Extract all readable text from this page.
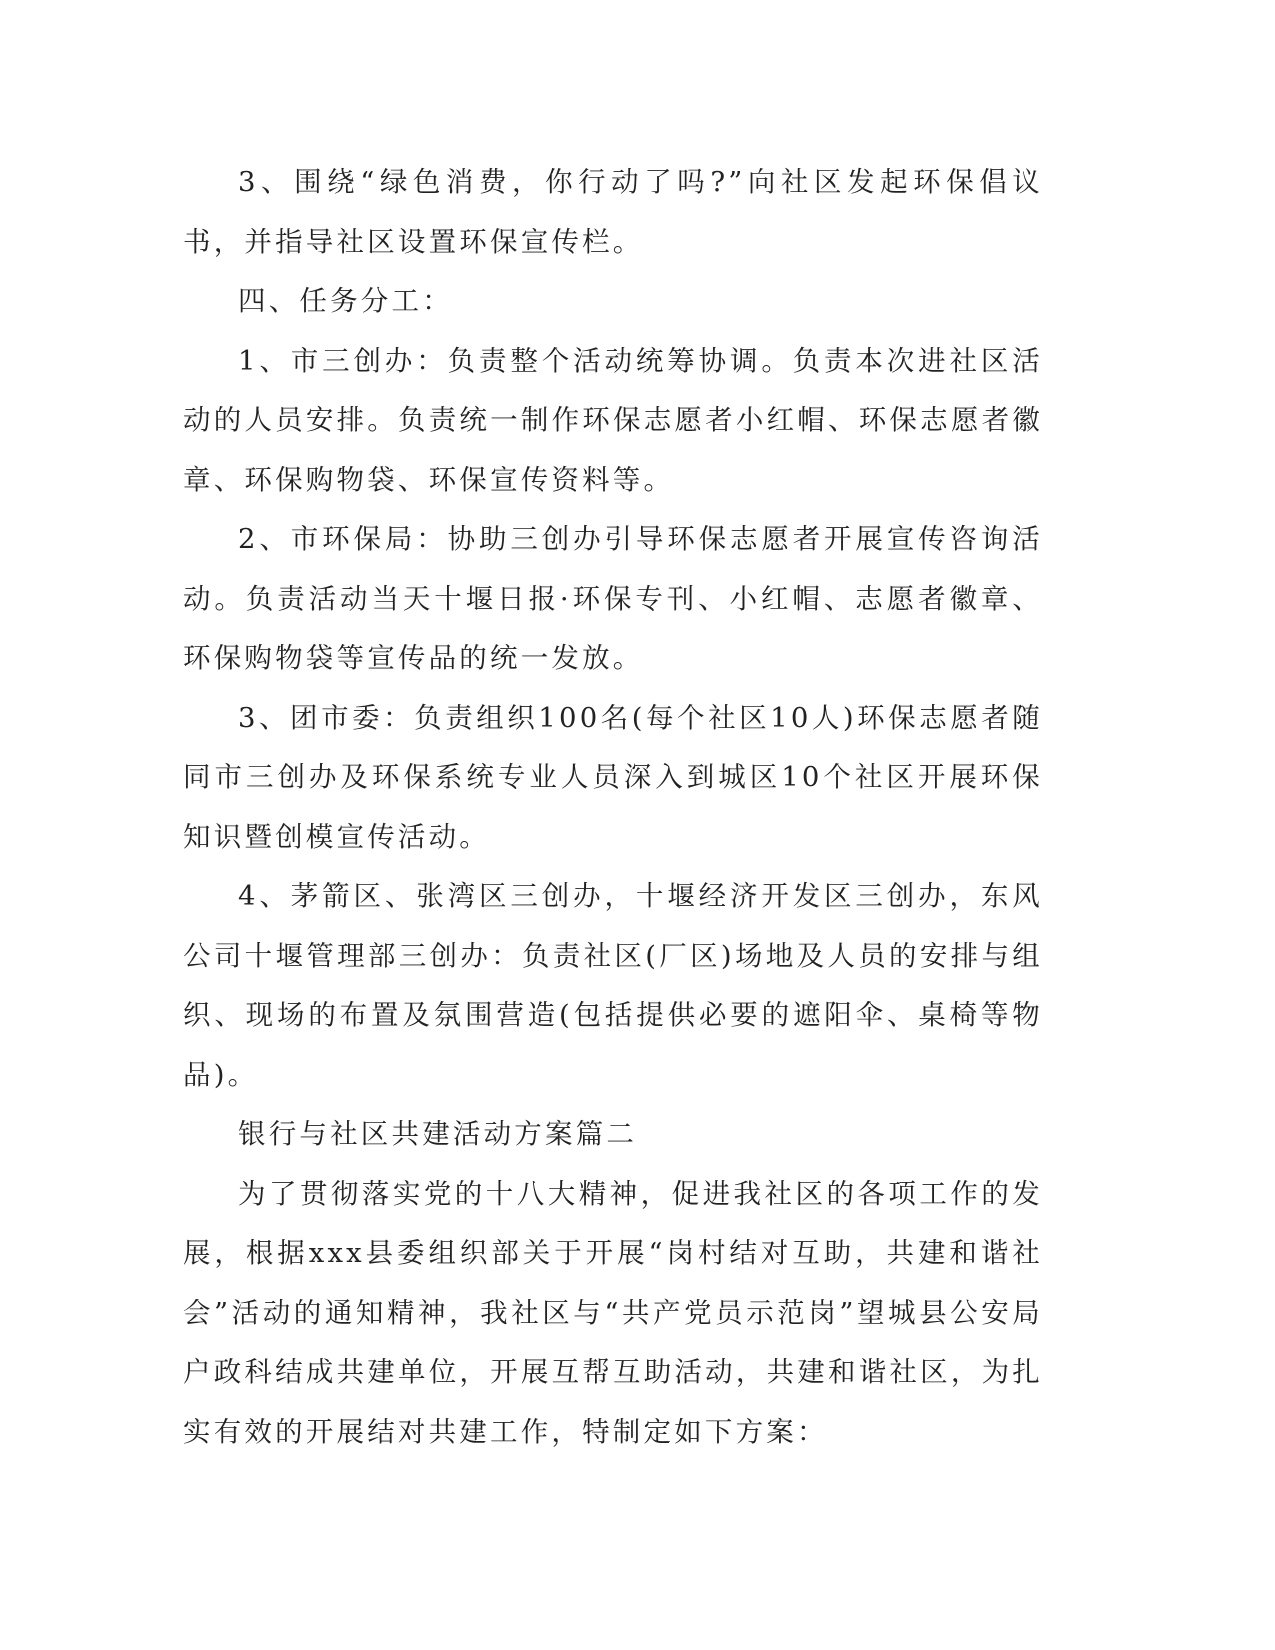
3、围绕“绿色消费，你行动了吗?”向社区发起环保倡议书，并指导社区设置环保宣传栏。

四、任务分工：

1、市三创办：负责整个活动统筹协调。负责本次进社区活动的人员安排。负责统一制作环保志愿者小红帽、环保志愿者徽章、环保购物袋、环保宣传资料等。

2、市环保局：协助三创办引导环保志愿者开展宣传咨询活动。负责活动当天十堰日报·环保专刊、小红帽、志愿者徽章、环保购物袋等宣传品的统一发放。

3、团市委：负责组织100名(每个社区10人)环保志愿者随同市三创办及环保系统专业人员深入到城区10个社区开展环保知识暨创模宣传活动。

4、茅箭区、张湾区三创办，十堰经济开发区三创办，东风公司十堰管理部三创办：负责社区(厂区)场地及人员的安排与组织、现场的布置及氛围营造(包括提供必要的遮阳伞、桌椅等物品)。

银行与社区共建活动方案篇二

为了贯彻落实党的十八大精神，促进我社区的各项工作的发展，根据xxx县委组织部关于开展“岗村结对互助，共建和谐社会”活动的通知精神，我社区与“共产党员示范岗”望城县公安局户政科结成共建单位，开展互帮互助活动，共建和谐社区，为扎实有效的开展结对共建工作，特制定如下方案：
